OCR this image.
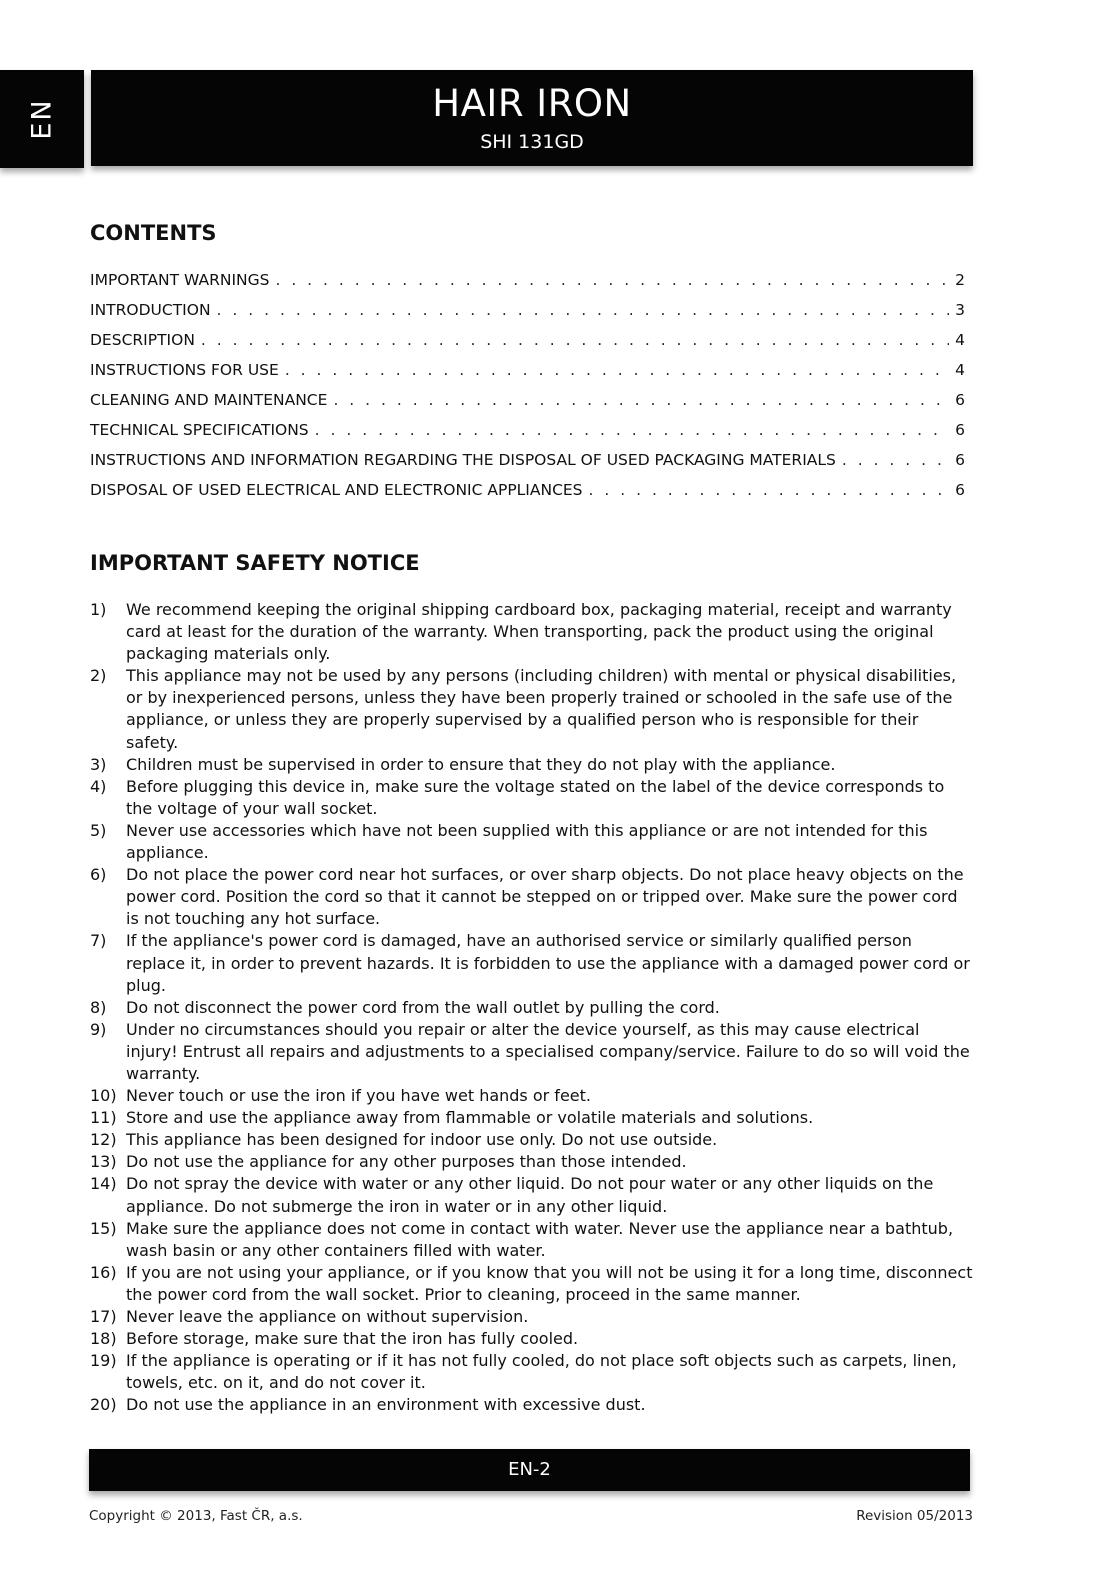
EN	HAIR IRON
SHI 131GD
CONTENTS
IMPORTANT WARNINGS . . .	2
INTRODUCTION . . .	3
DESCRIPTION . . .	4
INSTRUCTIONS FOR USE . . .	4
CLEANING AND MAINTENANCE . . .	6
TECHNICAL SPECIFICATIONS . . .	6
INSTRUCTIONS AND INFORMATION REGARDING THE DISPOSAL OF USED PACKAGING MATERIALS . . .	6
DISPOSAL OF USED ELECTRICAL AND ELECTRONIC APPLIANCES . . .	6
IMPORTANT SAFETY NOTICE
1)	We recommend keeping the original shipping cardboard box, packaging material, receipt and warranty card at least for the duration of the warranty. When transporting, pack the product using the original packaging materials only.
2)	This appliance may not be used by any persons (including children) with mental or physical disabilities, or by inexperienced persons, unless they have been properly trained or schooled in the safe use of the appliance, or unless they are properly supervised by a qualified person who is responsible for their safety.
3)	Children must be supervised in order to ensure that they do not play with the appliance.
4)	Before plugging this device in, make sure the voltage stated on the label of the device corresponds to the voltage of your wall socket.
5)	Never use accessories which have not been supplied with this appliance or are not intended for this appliance.
6)	Do not place the power cord near hot surfaces, or over sharp objects. Do not place heavy objects on the power cord. Position the cord so that it cannot be stepped on or tripped over. Make sure the power cord is not touching any hot surface.
7)	If the appliance's power cord is damaged, have an authorised service or similarly qualified person replace it, in order to prevent hazards. It is forbidden to use the appliance with a damaged power cord or plug.
8)	Do not disconnect the power cord from the wall outlet by pulling the cord.
9)	Under no circumstances should you repair or alter the device yourself, as this may cause electrical injury! Entrust all repairs and adjustments to a specialised company/service. Failure to do so will void the warranty.
10) Never touch or use the iron if you have wet hands or feet.
11) Store and use the appliance away from flammable or volatile materials and solutions.
12) This appliance has been designed for indoor use only. Do not use outside.
13) Do not use the appliance for any other purposes than those intended.
14) Do not spray the device with water or any other liquid. Do not pour water or any other liquids on the appliance. Do not submerge the iron in water or in any other liquid.
15) Make sure the appliance does not come in contact with water. Never use the appliance near a bathtub, wash basin or any other containers filled with water.
16) If you are not using your appliance, or if you know that you will not be using it for a long time, disconnect the power cord from the wall socket. Prior to cleaning, proceed in the same manner.
17) Never leave the appliance on without supervision.
18) Before storage, make sure that the iron has fully cooled.
19) If the appliance is operating or if it has not fully cooled, do not place soft objects such as carpets, linen, towels, etc. on it, and do not cover it.
20) Do not use the appliance in an environment with excessive dust.
EN-2
Copyright © 2013, Fast ČR, a.s.	Revision 05/2013
